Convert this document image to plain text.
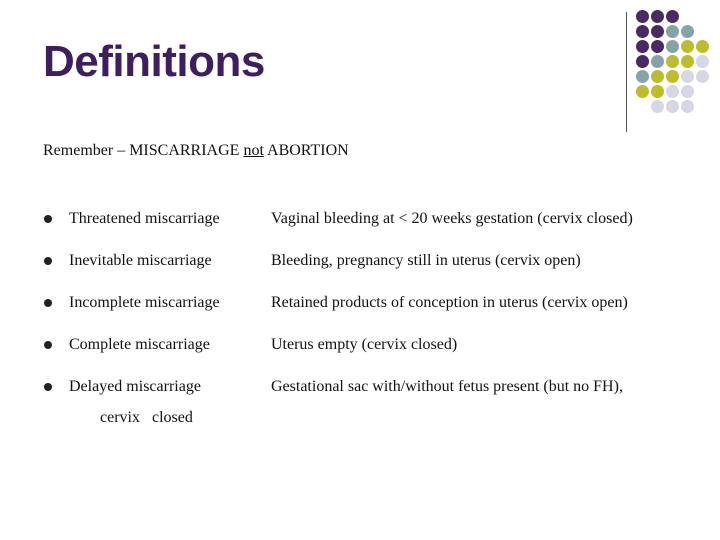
Definitions
Remember – MISCARRIAGE not ABORTION
Threatened miscarriage	Vaginal bleeding at < 20 weeks gestation (cervix closed)
Inevitable miscarriage	Bleeding, pregnancy still in uterus (cervix open)
Incomplete miscarriage	Retained products of conception in uterus (cervix open)
Complete miscarriage	Uterus empty (cervix closed)
Delayed miscarriage	Gestational sac with/without fetus present (but no FH),
cervix   closed
